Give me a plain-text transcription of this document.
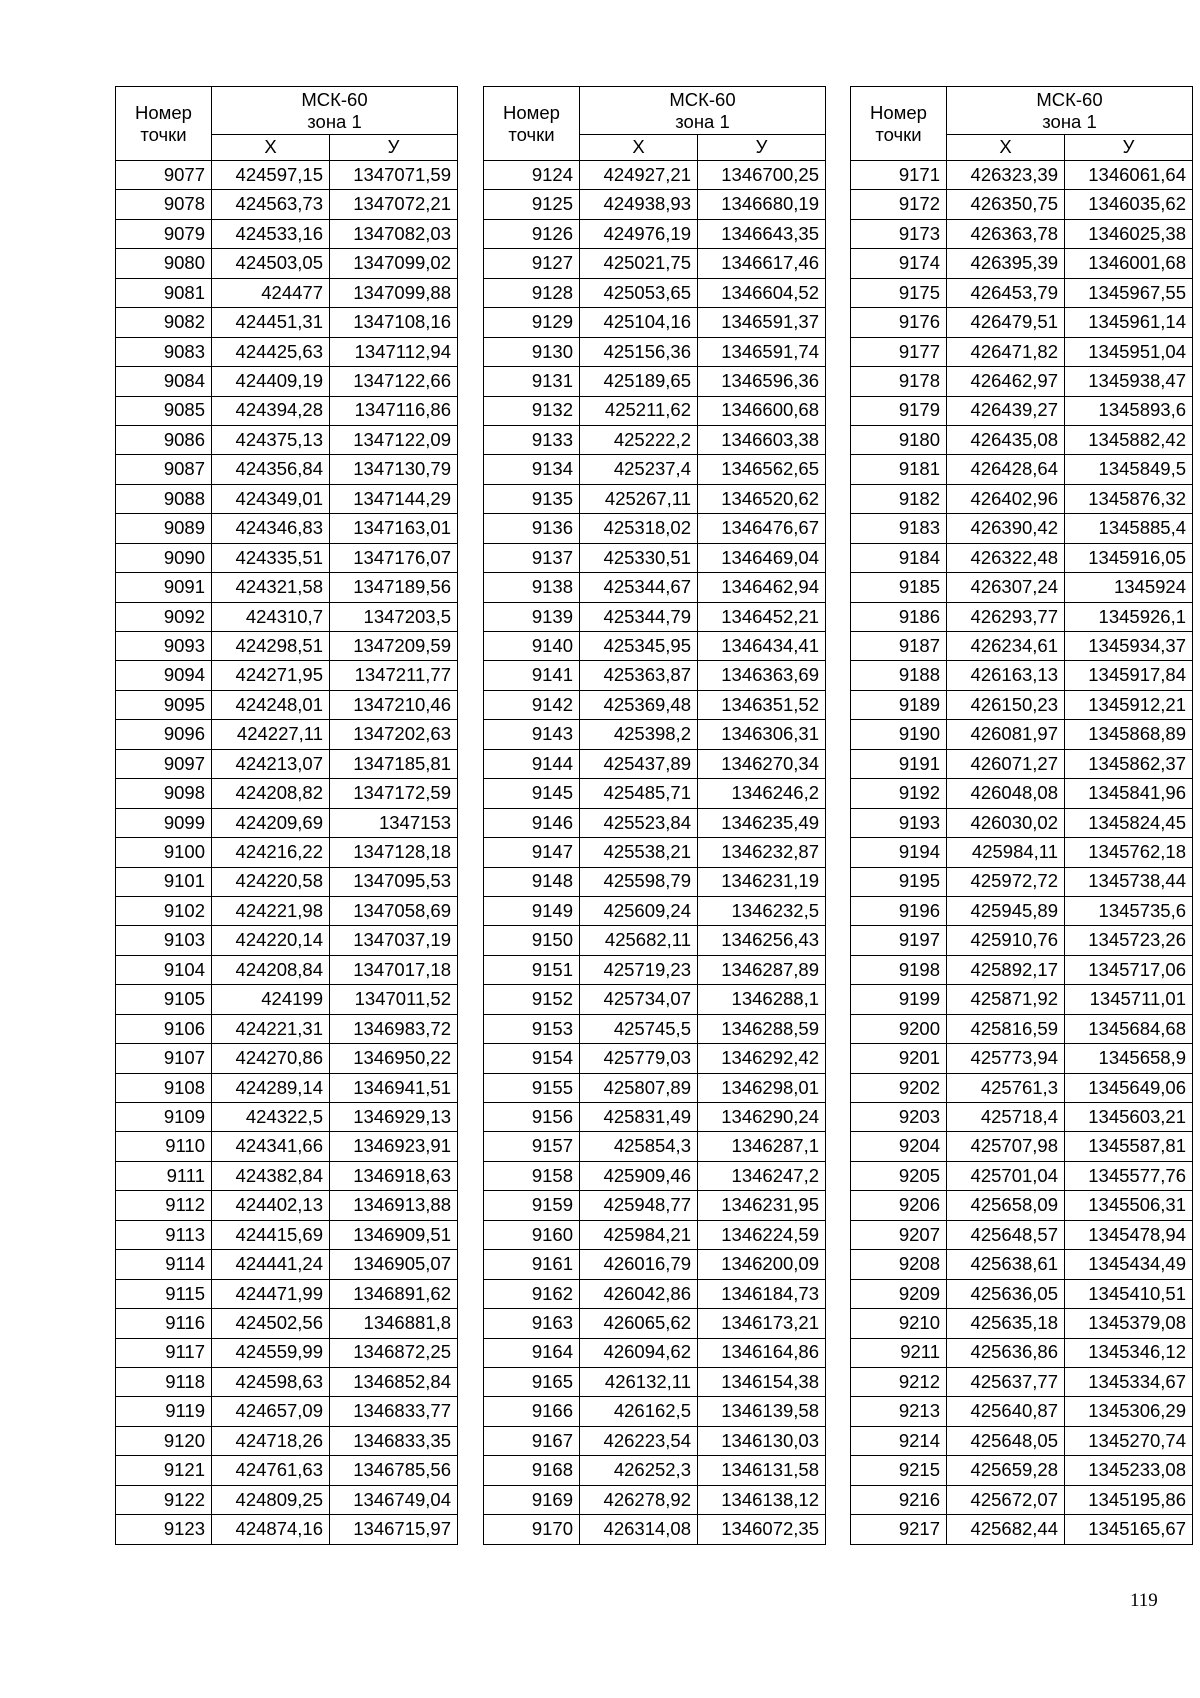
Номер
точки	МСК-60
зона 1	
	Х	У
9077	424597,15	1347071,59
9078	424563,73	1347072,21
9079	424533,16	1347082,03
9080	424503,05	1347099,02
9081	424477	1347099,88
9082	424451,31	1347108,16
9083	424425,63	1347112,94
9084	424409,19	1347122,66
9085	424394,28	1347116,86
9086	424375,13	1347122,09
9087	424356,84	1347130,79
9088	424349,01	1347144,29
9089	424346,83	1347163,01
9090	424335,51	1347176,07
9091	424321,58	1347189,56
9092	424310,7	1347203,5
9093	424298,51	1347209,59
9094	424271,95	1347211,77
9095	424248,01	1347210,46
9096	424227,11	1347202,63
9097	424213,07	1347185,81
9098	424208,82	1347172,59
9099	424209,69	1347153
9100	424216,22	1347128,18
9101	424220,58	1347095,53
9102	424221,98	1347058,69
9103	424220,14	1347037,19
9104	424208,84	1347017,18
9105	424199	1347011,52
9106	424221,31	1346983,72
9107	424270,86	1346950,22
9108	424289,14	1346941,51
9109	424322,5	1346929,13
9110	424341,66	1346923,91
9111	424382,84	1346918,63
9112	424402,13	1346913,88
9113	424415,69	1346909,51
9114	424441,24	1346905,07
9115	424471,99	1346891,62
9116	424502,56	1346881,8
9117	424559,99	1346872,25
9118	424598,63	1346852,84
9119	424657,09	1346833,77
9120	424718,26	1346833,35
9121	424761,63	1346785,56
9122	424809,25	1346749,04
9123	424874,16	1346715,97
Номер
точки	МСК-60
зона 1	
	Х	У
9124	424927,21	1346700,25
9125	424938,93	1346680,19
9126	424976,19	1346643,35
9127	425021,75	1346617,46
9128	425053,65	1346604,52
9129	425104,16	1346591,37
9130	425156,36	1346591,74
9131	425189,65	1346596,36
9132	425211,62	1346600,68
9133	425222,2	1346603,38
9134	425237,4	1346562,65
9135	425267,11	1346520,62
9136	425318,02	1346476,67
9137	425330,51	1346469,04
9138	425344,67	1346462,94
9139	425344,79	1346452,21
9140	425345,95	1346434,41
9141	425363,87	1346363,69
9142	425369,48	1346351,52
9143	425398,2	1346306,31
9144	425437,89	1346270,34
9145	425485,71	1346246,2
9146	425523,84	1346235,49
9147	425538,21	1346232,87
9148	425598,79	1346231,19
9149	425609,24	1346232,5
9150	425682,11	1346256,43
9151	425719,23	1346287,89
9152	425734,07	1346288,1
9153	425745,5	1346288,59
9154	425779,03	1346292,42
9155	425807,89	1346298,01
9156	425831,49	1346290,24
9157	425854,3	1346287,1
9158	425909,46	1346247,2
9159	425948,77	1346231,95
9160	425984,21	1346224,59
9161	426016,79	1346200,09
9162	426042,86	1346184,73
9163	426065,62	1346173,21
9164	426094,62	1346164,86
9165	426132,11	1346154,38
9166	426162,5	1346139,58
9167	426223,54	1346130,03
9168	426252,3	1346131,58
9169	426278,92	1346138,12
9170	426314,08	1346072,35
Номер
точки	МСК-60
зона 1	
	Х	У
9171	426323,39	1346061,64
9172	426350,75	1346035,62
9173	426363,78	1346025,38
9174	426395,39	1346001,68
9175	426453,79	1345967,55
9176	426479,51	1345961,14
9177	426471,82	1345951,04
9178	426462,97	1345938,47
9179	426439,27	1345893,6
9180	426435,08	1345882,42
9181	426428,64	1345849,5
9182	426402,96	1345876,32
9183	426390,42	1345885,4
9184	426322,48	1345916,05
9185	426307,24	1345924
9186	426293,77	1345926,1
9187	426234,61	1345934,37
9188	426163,13	1345917,84
9189	426150,23	1345912,21
9190	426081,97	1345868,89
9191	426071,27	1345862,37
9192	426048,08	1345841,96
9193	426030,02	1345824,45
9194	425984,11	1345762,18
9195	425972,72	1345738,44
9196	425945,89	1345735,6
9197	425910,76	1345723,26
9198	425892,17	1345717,06
9199	425871,92	1345711,01
9200	425816,59	1345684,68
9201	425773,94	1345658,9
9202	425761,3	1345649,06
9203	425718,4	1345603,21
9204	425707,98	1345587,81
9205	425701,04	1345577,76
9206	425658,09	1345506,31
9207	425648,57	1345478,94
9208	425638,61	1345434,49
9209	425636,05	1345410,51
9210	425635,18	1345379,08
9211	425636,86	1345346,12
9212	425637,77	1345334,67
9213	425640,87	1345306,29
9214	425648,05	1345270,74
9215	425659,28	1345233,08
9216	425672,07	1345195,86
9217	425682,44	1345165,67
119
